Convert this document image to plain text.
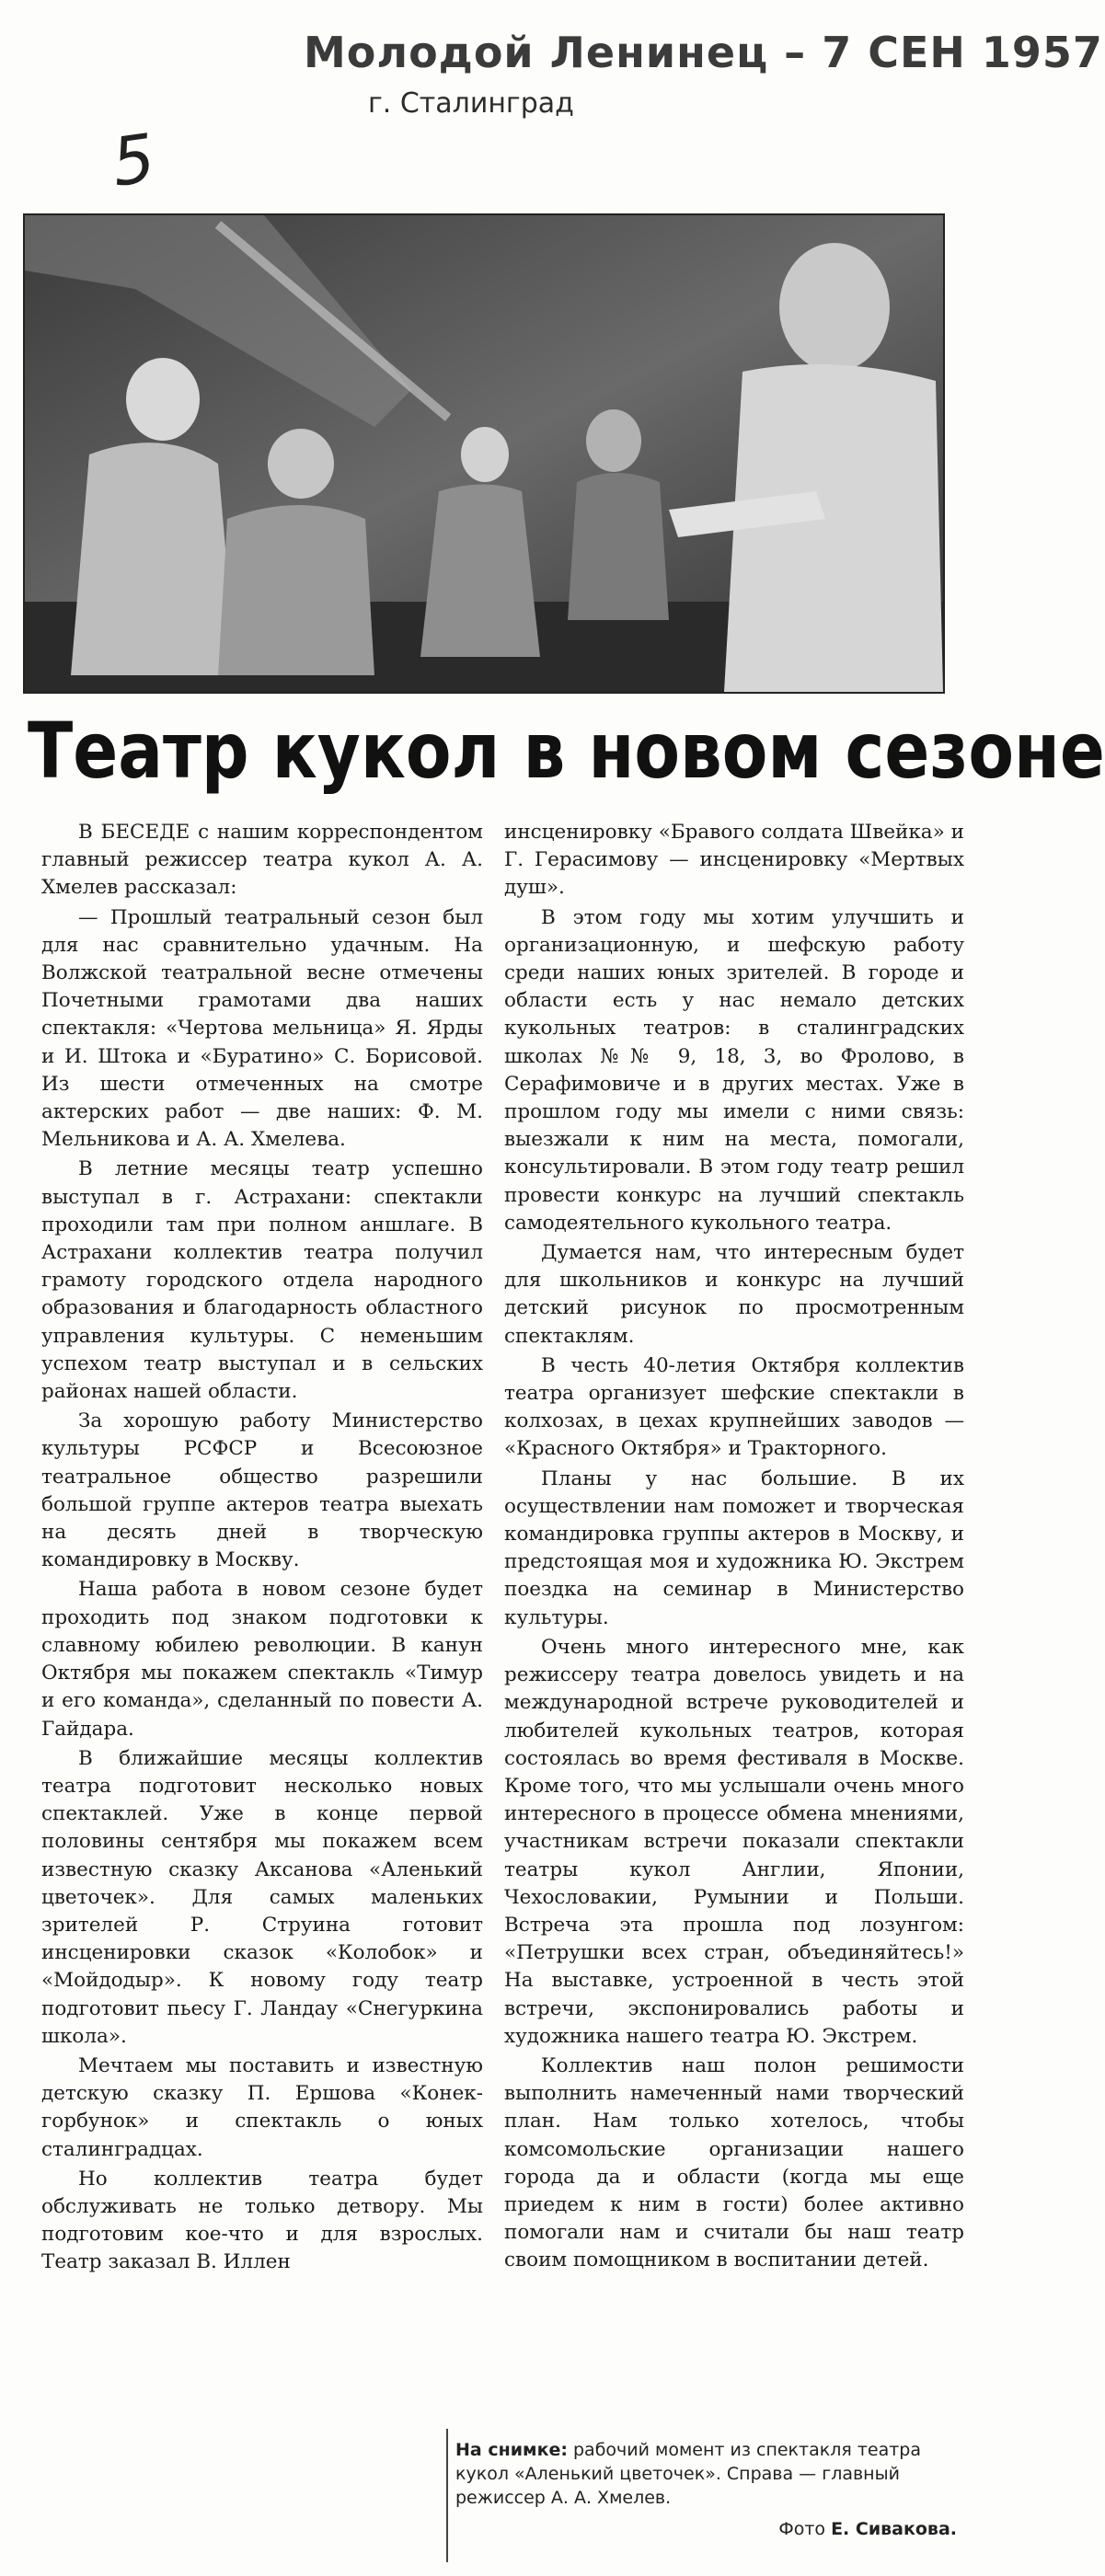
Молодой Ленинец – 7 СЕН 1957
г. Сталинград
5
Театр кукол в новом сезоне

В БЕСЕДЕ с нашим корреспондентом главный режиссер театра кукол А. А. Хмелев рассказал:

— Прошлый театральный сезон был для нас сравнительно удачным. На Волжской театральной весне отмечены Почетными грамотами два наших спектакля: «Чертова мельница» Я. Ярды и И. Штока и «Буратино» С. Борисовой. Из шести отмеченных на смотре актерских работ — две наших: Ф. М. Мельникова и А. А. Хмелева.

В летние месяцы театр успешно выступал в г. Астрахани: спектакли проходили там при полном аншлаге. В Астрахани коллектив театра получил грамоту городского отдела народного образования и благодарность областного управления культуры. С неменьшим успехом театр выступал и в сельских районах нашей области.

За хорошую работу Министерство культуры РСФСР и Всесоюзное театральное общество разрешили большой группе актеров театра выехать на десять дней в творческую командировку в Москву.

Наша работа в новом сезоне будет проходить под знаком подготовки к славному юбилею революции. В канун Октября мы покажем спектакль «Тимур и его команда», сделанный по повести А. Гайдара.

В ближайшие месяцы коллектив театра подготовит несколько новых спектаклей. Уже в конце первой половины сентября мы покажем всем известную сказку Аксанова «Аленький цветочек». Для самых маленьких зрителей Р. Струина готовит инсценировки сказок «Колобок» и «Мойдодыр». К новому году театр подготовит пьесу Г. Ландау «Снегуркина школа».

Мечтаем мы поставить и известную детскую сказку П. Ершова «Конек-горбунок» и спектакль о юных сталинградцах.

Но коллектив театра будет обслуживать не только детвору. Мы подготовим кое-что и для взрослых. Театр заказал В. Иллен

инсценировку «Бравого солдата Швейка» и Г. Герасимову — инсценировку «Мертвых душ».

В этом году мы хотим улучшить и организационную, и шефскую работу среди наших юных зрителей. В городе и области есть у нас немало детских кукольных театров: в сталинградских школах №№ 9, 18, 3, во Фролово, в Серафимовиче и в других местах. Уже в прошлом году мы имели с ними связь: выезжали к ним на места, помогали, консультировали. В этом году театр решил провести конкурс на лучший спектакль самодеятельного кукольного театра.

Думается нам, что интересным будет для школьников и конкурс на лучший детский рисунок по просмотренным спектаклям.

В честь 40-летия Октября коллектив театра организует шефские спектакли в колхозах, в цехах крупнейших заводов — «Красного Октября» и Тракторного.

Планы у нас большие. В их осуществлении нам поможет и творческая командировка группы актеров в Москву, и предстоящая моя и художника Ю. Экстрем поездка на семинар в Министерство культуры.

Очень много интересного мне, как режиссеру театра довелось увидеть и на международной встрече руководителей и любителей кукольных театров, которая состоялась во время фестиваля в Москве. Кроме того, что мы услышали очень много интересного в процессе обмена мнениями, участникам встречи показали спектакли театры кукол Англии, Японии, Чехословакии, Румынии и Польши. Встреча эта прошла под лозунгом: «Петрушки всех стран, объединяйтесь!» На выставке, устроенной в честь этой встречи, экспонировались работы и художника нашего театра Ю. Экстрем.

Коллектив наш полон решимости выполнить намеченный нами творческий план. Нам только хотелось, чтобы комсомольские организации нашего города да и области (когда мы еще приедем к ним в гости) более активно помогали нам и считали бы наш театр своим помощником в воспитании детей.

На снимке: рабочий момент из спектакля театра кукол «Аленький цветочек». Справа — главный режиссер А. А. Хмелев.
Фото Е. Сиваковa.
